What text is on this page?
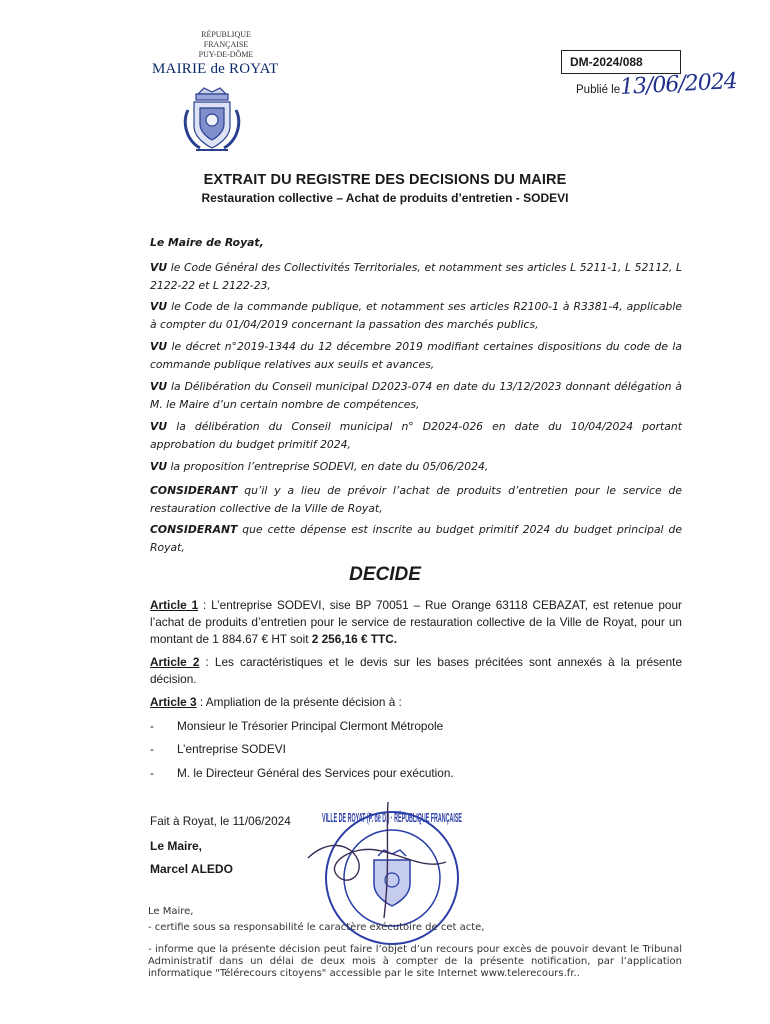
RÉPUBLIQUE FRANÇAISE
PUY-DE-DÔME
MAIRIE de ROYAT	DM-2024/088
Publié le 13/06/2024
EXTRAIT DU REGISTRE DES DECISIONS DU MAIRE
Restauration collective – Achat de produits d’entretien - SODEVI
Le Maire de Royat,
VU le Code Général des Collectivités Territoriales, et notamment ses articles L 5211-1, L 52112, L 2122-22 et L 2122-23,
VU le Code de la commande publique, et notamment ses articles R2100-1 à R3381-4, applicable à compter du 01/04/2019 concernant la passation des marchés publics,
VU le décret n°2019-1344 du 12 décembre 2019 modifiant certaines dispositions du code de la commande publique relatives aux seuils et avances,
VU la Délibération du Conseil municipal D2023-074 en date du 13/12/2023 donnant délégation à M. le Maire d’un certain nombre de compétences,
VU la délibération du Conseil municipal n° D2024-026 en date du 10/04/2024 portant approbation du budget primitif 2024,
VU la proposition l’entreprise SODEVI, en date du 05/06/2024,
CONSIDERANT qu’il y a lieu de prévoir l’achat de produits d’entretien pour le service de restauration collective de la Ville de Royat,
CONSIDERANT que cette dépense est inscrite au budget primitif 2024 du budget principal de Royat,
DECIDE
Article 1 : L’entreprise SODEVI, sise BP 70051 – Rue Orange 63118 CEBAZAT, est retenue pour l’achat de produits d’entretien pour le service de restauration collective de la Ville de Royat, pour un montant de 1 884.67 € HT soit 2 256,16 € TTC.
Article 2 : Les caractéristiques et le devis sur les bases précitées sont annexés à la présente décision.
Article 3 : Ampliation de la présente décision à :
- Monsieur le Trésorier Principal Clermont Métropole
- L’entreprise SODEVI
- M. le Directeur Général des Services pour exécution.
Fait à Royat, le 11/06/2024
Le Maire,
Marcel ALEDO
VILLE DE ROYAT (P. de D.) · RÉPUBLIQUE FRANÇAISE
Le Maire,
- certifie sous sa responsabilité le caractère exécutoire de cet acte,
- informe que la présente décision peut faire l’objet d’un recours pour excès de pouvoir devant le Tribunal Administratif dans un délai de deux mois à compter de la présente notification, par l’application informatique "Télérecours citoyens" accessible par le site Internet www.telerecours.fr..
